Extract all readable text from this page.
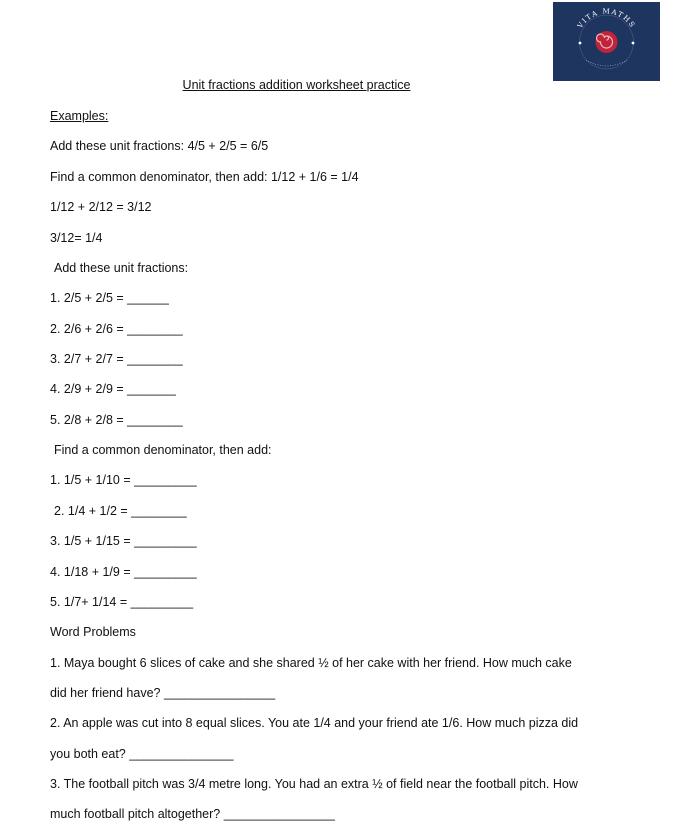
VITA MATHS
Unit fractions addition worksheet practice
Examples:
Add these unit fractions: 4/5 + 2/5 = 6/5
Find a common denominator, then add: 1/12 + 1/6 = 1/4
1/12 + 2/12 = 3/12
3/12= 1/4
Add these unit fractions:
1. 2/5 + 2/5 = ______
2. 2/6 + 2/6 = ________
3. 2/7 + 2/7 = ________
4. 2/9 + 2/9 = _______
5. 2/8 + 2/8 = ________
Find a common denominator, then add:
1. 1/5 + 1/10 = _________
2. 1/4 + 1/2 = ________
3. 1/5 + 1/15 = _________
4. 1/18 + 1/9 = _________
5. 1/7+ 1/14 = _________
Word Problems
1. Maya bought 6 slices of cake and she shared ½ of her cake with her friend. How much cake
did her friend have? ________________
2. An apple was cut into 8 equal slices. You ate 1/4 and your friend ate 1/6. How much pizza did
you both eat? _______________
3. The football pitch was 3/4 metre long. You had an extra ½ of field near the football pitch. How
much football pitch altogether? ________________
